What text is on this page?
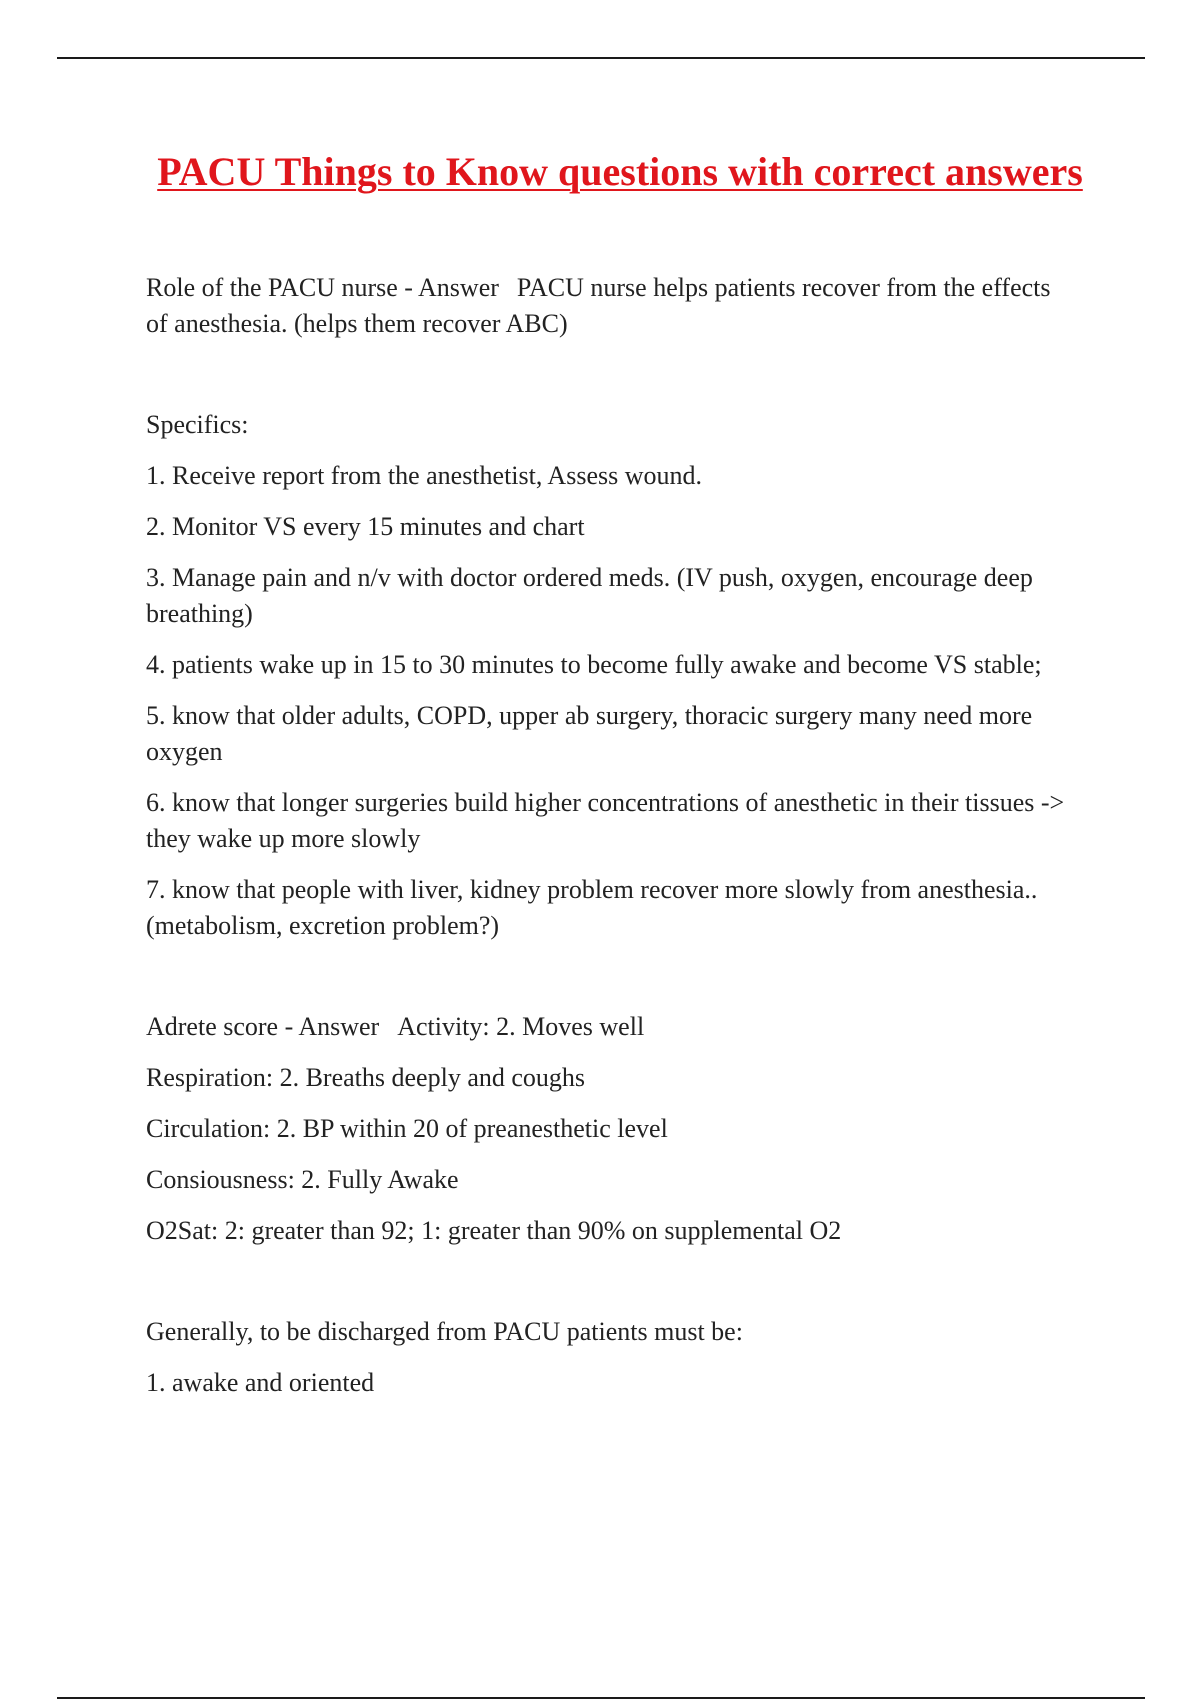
PACU Things to Know questions with correct answers

Role of the PACU nurse - Answer PACU nurse helps patients recover from the effects of anesthesia. (helps them recover ABC)

Specifics:

1. Receive report from the anesthetist, Assess wound.

2. Monitor VS every 15 minutes and chart

3. Manage pain and n/v with doctor ordered meds. (IV push, oxygen, encourage deep breathing)

4. patients wake up in 15 to 30 minutes to become fully awake and become VS stable;

5. know that older adults, COPD, upper ab surgery, thoracic surgery many need more oxygen

6. know that longer surgeries build higher concentrations of anesthetic in their tissues -> they wake up more slowly

7. know that people with liver, kidney problem recover more slowly from anesthesia.. (metabolism, excretion problem?)

Adrete score - Answer Activity: 2. Moves well

Respiration: 2. Breaths deeply and coughs

Circulation: 2. BP within 20 of preanesthetic level

Consiousness: 2. Fully Awake

O2Sat: 2: greater than 92; 1: greater than 90% on supplemental O2

Generally, to be discharged from PACU patients must be:

1. awake and oriented
